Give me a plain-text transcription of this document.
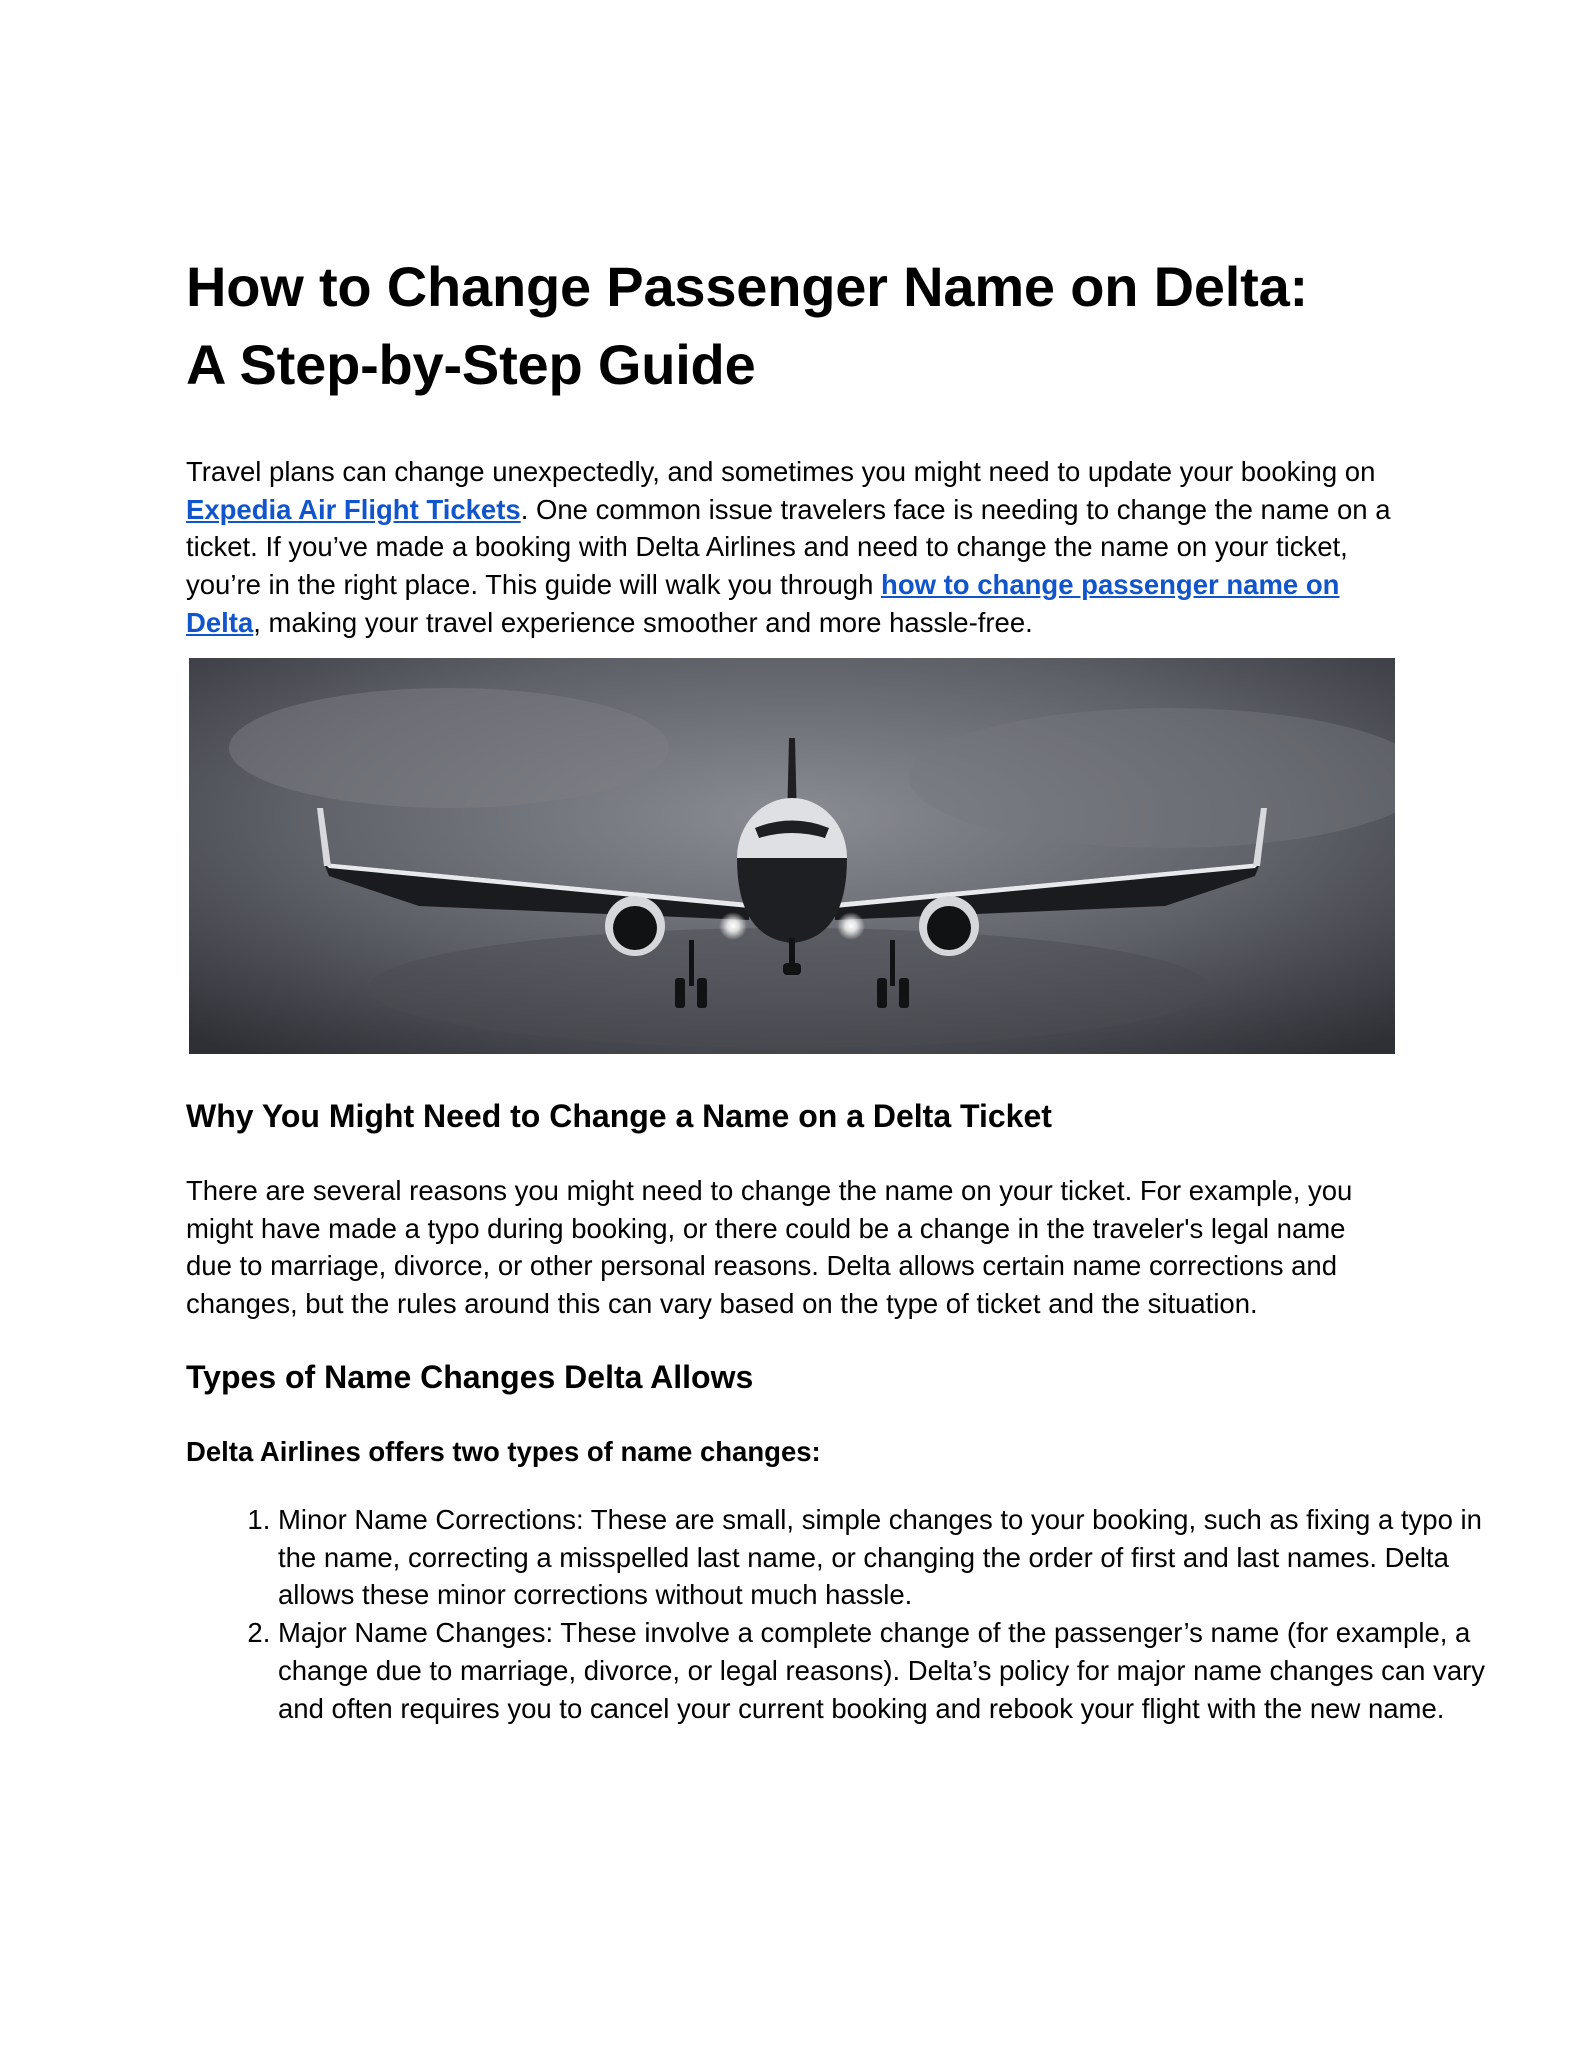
How to Change Passenger Name on Delta:
A Step-by-Step Guide

Travel plans can change unexpectedly, and sometimes you might need to update your booking on Expedia Air Flight Tickets. One common issue travelers face is needing to change the name on a ticket. If you’ve made a booking with Delta Airlines and need to change the name on your ticket, you’re in the right place. This guide will walk you through how to change passenger name on Delta, making your travel experience smoother and more hassle-free.

Why You Might Need to Change a Name on a Delta Ticket

There are several reasons you might need to change the name on your ticket. For example, you might have made a typo during booking, or there could be a change in the traveler's legal name due to marriage, divorce, or other personal reasons. Delta allows certain name corrections and changes, but the rules around this can vary based on the type of ticket and the situation.

Types of Name Changes Delta Allows

Delta Airlines offers two types of name changes:

1. Minor Name Corrections: These are small, simple changes to your booking, such as fixing a typo in the name, correcting a misspelled last name, or changing the order of first and last names. Delta allows these minor corrections without much hassle.
2. Major Name Changes: These involve a complete change of the passenger’s name (for example, a change due to marriage, divorce, or legal reasons). Delta’s policy for major name changes can vary and often requires you to cancel your current booking and rebook your flight with the new name.
